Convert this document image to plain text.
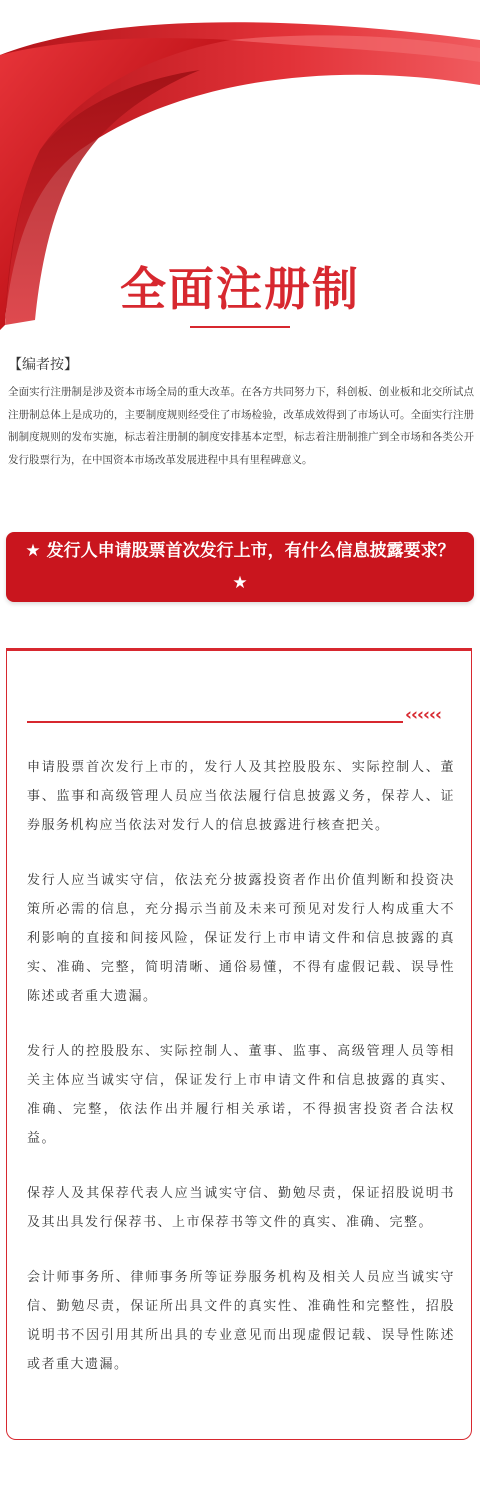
全面注册制

【编者按】

全面实行注册制是涉及资本市场全局的重大改革。在各方共同努力下，科创板、创业板和北交所试点注册制总体上是成功的，主要制度规则经受住了市场检验，改革成效得到了市场认可。全面实行注册制制度规则的发布实施，标志着注册制的制度安排基本定型，标志着注册制推广到全市场和各类公开发行股票行为，在中国资本市场改革发展进程中具有里程碑意义。

★ 发行人申请股票首次发行上市，有什么信息披露要求？ ★

‹‹‹‹‹‹

申请股票首次发行上市的，发行人及其控股股东、实际控制人、董事、监事和高级管理人员应当依法履行信息披露义务，保荐人、证券服务机构应当依法对发行人的信息披露进行核查把关。

发行人应当诚实守信，依法充分披露投资者作出价值判断和投资决策所必需的信息，充分揭示当前及未来可预见对发行人构成重大不利影响的直接和间接风险，保证发行上市申请文件和信息披露的真实、准确、完整，简明清晰、通俗易懂，不得有虚假记载、误导性陈述或者重大遗漏。

发行人的控股股东、实际控制人、董事、监事、高级管理人员等相关主体应当诚实守信，保证发行上市申请文件和信息披露的真实、准确、完整，依法作出并履行相关承诺，不得损害投资者合法权益。

保荐人及其保荐代表人应当诚实守信、勤勉尽责，保证招股说明书及其出具发行保荐书、上市保荐书等文件的真实、准确、完整。

会计师事务所、律师事务所等证券服务机构及相关人员应当诚实守信、勤勉尽责，保证所出具文件的真实性、准确性和完整性，招股说明书不因引用其所出具的专业意见而出现虚假记载、误导性陈述或者重大遗漏。
